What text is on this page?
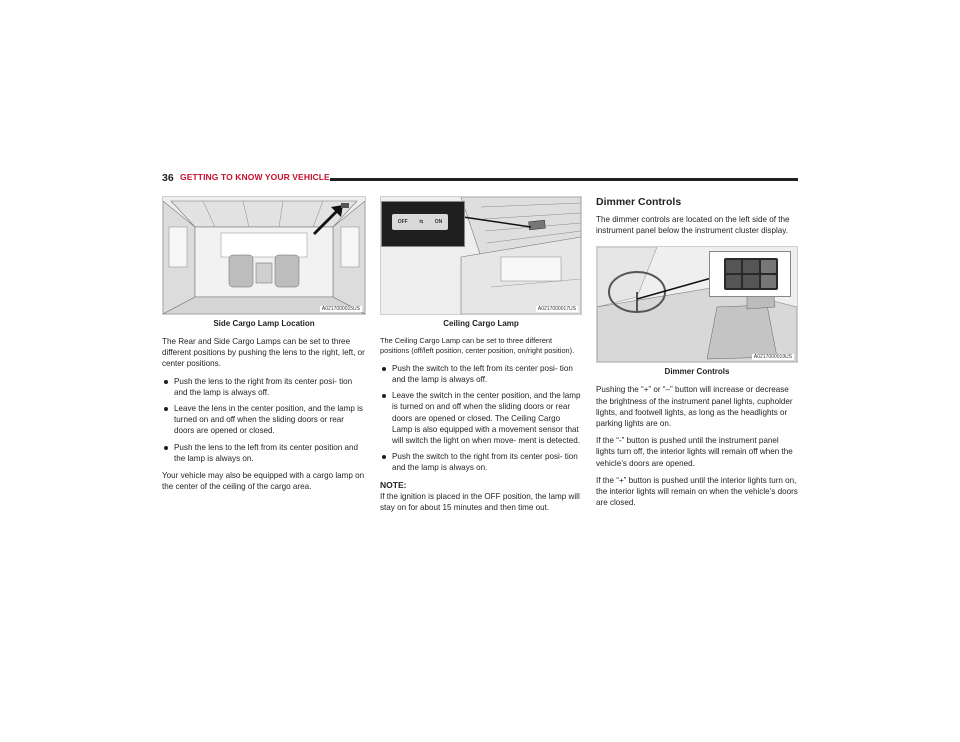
36 GETTING TO KNOW YOUR VEHICLE
A0217000015US
Side Cargo Lamp Location

The Rear and Side Cargo Lamps can be set to three different positions by pushing the lens to the right, left, or center positions.

Push the lens to the right from its center posi- tion and the lamp is always off.
Leave the lens in the center position, and the lamp is turned on and off when the sliding doors or rear doors are opened or closed.
Push the lens to the left from its center position and the lamp is always on.

Your vehicle may also be equipped with a cargo lamp on the center of the ceiling of the cargo area.

OFF ⇆ ON
A0217000017US
Ceiling Cargo Lamp

The Ceiling Cargo Lamp can be set to three different positions (off/left position, center position, on/right position).

Push the switch to the left from its center posi- tion and the lamp is always off.
Leave the switch in the center position, and the lamp is turned on and off when the sliding doors or rear doors are opened or closed. The Ceiling Cargo Lamp is also equipped with a movement sensor that will switch the light on when move- ment is detected.
Push the switch to the right from its center posi- tion and the lamp is always on.
NOTE:

If the ignition is placed in the OFF position, the lamp will stay on for about 15 minutes and then time out.

Dimmer Controls

The dimmer controls are located on the left side of the instrument panel below the instrument cluster display.

A0217000019US
Dimmer Controls

Pushing the “+” or “–” button will increase or decrease the brightness of the instrument panel lights, cupholder lights, and footwell lights, as long as the headlights or parking lights are on.

If the “-” button is pushed until the instrument panel lights turn off, the interior lights will remain off when the vehicle’s doors are opened.

If the “+” button is pushed until the interior lights turn on, the interior lights will remain on when the vehicle’s doors are closed.
